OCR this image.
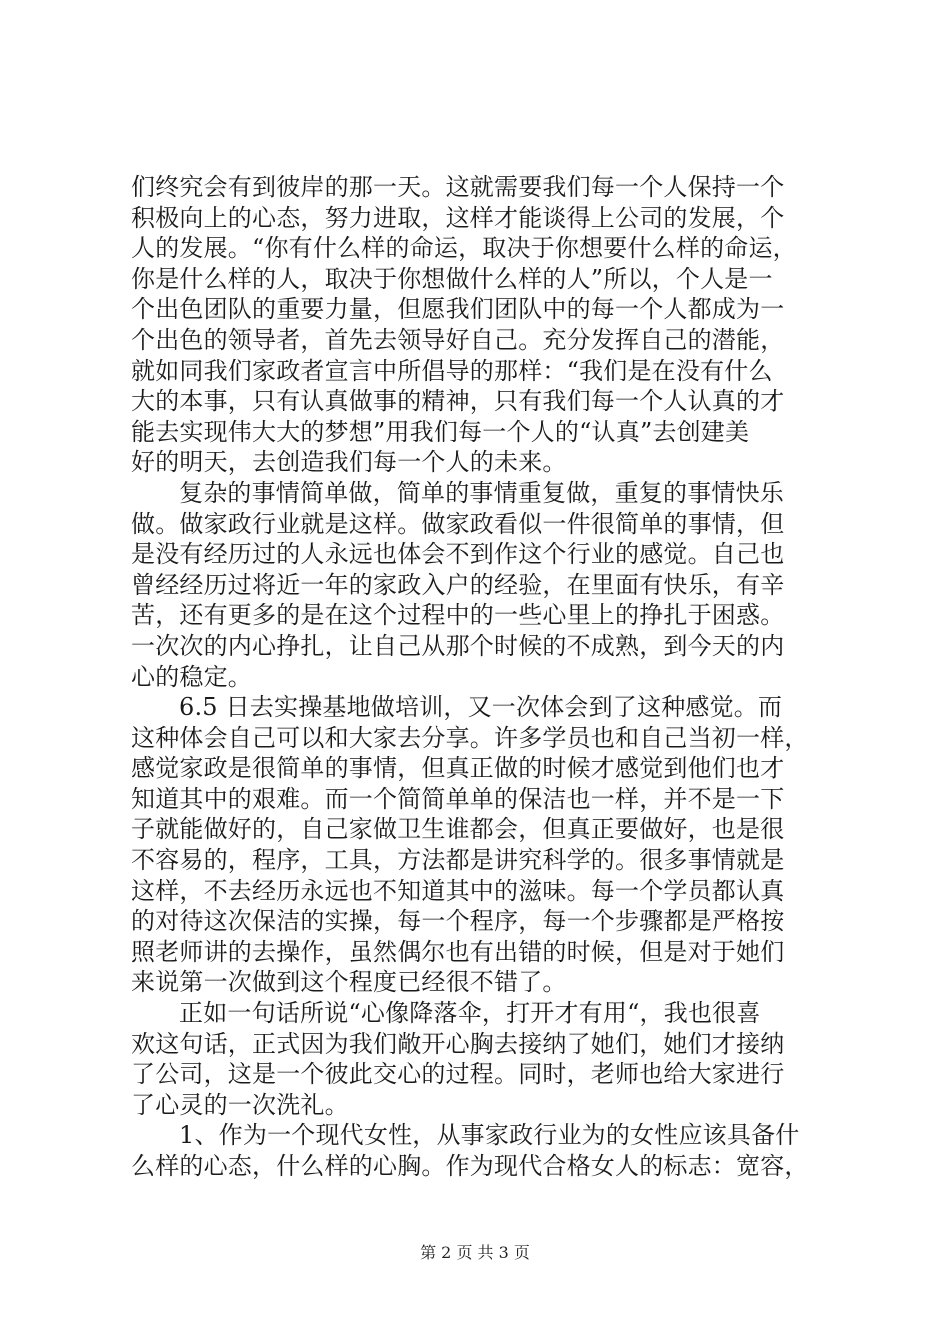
们终究会有到彼岸的那一天。这就需要我们每一个人保持一个
积极向上的心态，努力进取，这样才能谈得上公司的发展，个
人的发展。“你有什么样的命运，取决于你想要什么样的命运，
你是什么样的人，取决于你想做什么样的人”所以，个人是一
个出色团队的重要力量，但愿我们团队中的每一个人都成为一
个出色的领导者，首先去领导好自己。充分发挥自己的潜能，
就如同我们家政者宣言中所倡导的那样：“我们是在没有什么
大的本事，只有认真做事的精神，只有我们每一个人认真的才
能去实现伟大大的梦想”用我们每一个人的“认真”去创建美
好的明天，去创造我们每一个人的未来。
复杂的事情简单做，简单的事情重复做，重复的事情快乐
做。做家政行业就是这样。做家政看似一件很简单的事情，但
是没有经历过的人永远也体会不到作这个行业的感觉。自己也
曾经经历过将近一年的家政入户的经验，在里面有快乐，有辛
苦，还有更多的是在这个过程中的一些心里上的挣扎于困惑。
一次次的内心挣扎，让自己从那个时候的不成熟，到今天的内
心的稳定。
6.5 日去实操基地做培训，又一次体会到了这种感觉。而
这种体会自己可以和大家去分享。许多学员也和自己当初一样，
感觉家政是很简单的事情，但真正做的时候才感觉到他们也才
知道其中的艰难。而一个简简单单的保洁也一样，并不是一下
子就能做好的，自己家做卫生谁都会，但真正要做好，也是很
不容易的，程序，工具，方法都是讲究科学的。很多事情就是
这样，不去经历永远也不知道其中的滋味。每一个学员都认真
的对待这次保洁的实操，每一个程序，每一个步骤都是严格按
照老师讲的去操作，虽然偶尔也有出错的时候，但是对于她们
来说第一次做到这个程度已经很不错了。
正如一句话所说“心像降落伞，打开才有用“，我也很喜
欢这句话，正式因为我们敞开心胸去接纳了她们，她们才接纳
了公司，这是一个彼此交心的过程。同时，老师也给大家进行
了心灵的一次洗礼。
1、作为一个现代女性，从事家政行业为的女性应该具备什
么样的心态，什么样的心胸。作为现代合格女人的标志：宽容，
第 2 页 共 3 页
